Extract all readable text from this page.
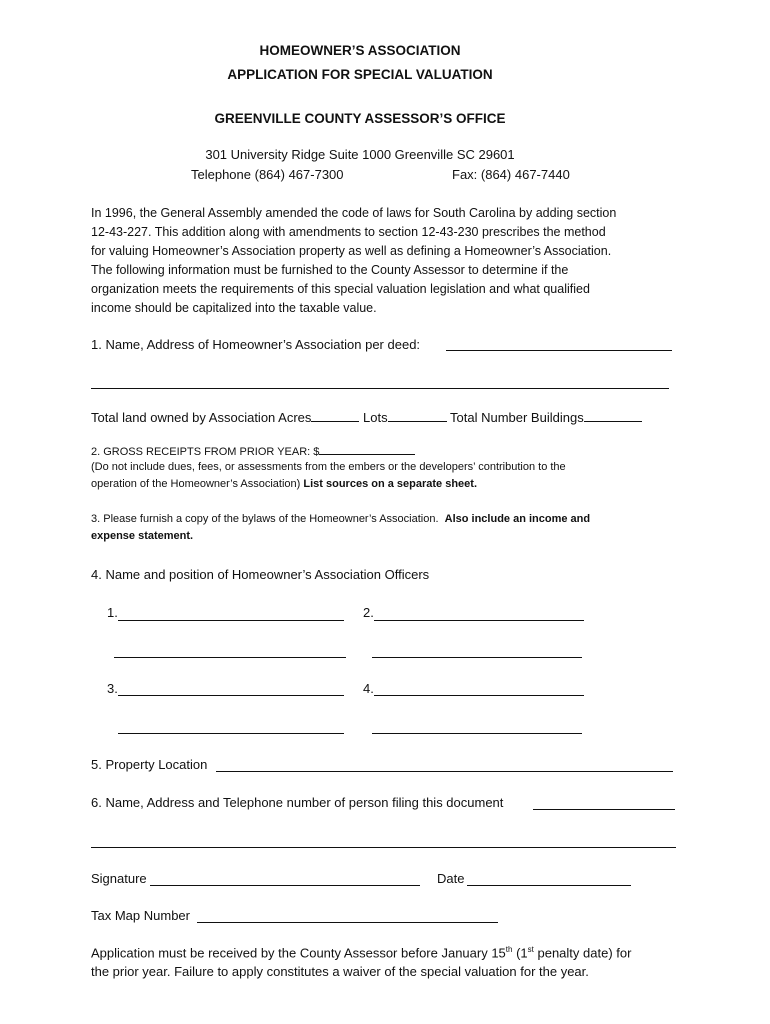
HOMEOWNER’S ASSOCIATION
APPLICATION FOR SPECIAL VALUATION
GREENVILLE COUNTY ASSESSOR’S OFFICE
301 University Ridge Suite 1000 Greenville SC 29601
Telephone (864) 467-7300	Fax: (864) 467-7440

In 1996, the General Assembly amended the code of laws for South Carolina by adding section

12-43-227. This addition along with amendments to section 12-43-230 prescribes the method

for valuing Homeowner’s Association property as well as defining a Homeowner’s Association.

The following information must be furnished to the County Assessor to determine if the

organization meets the requirements of this special valuation legislation and what qualified

income should be capitalized into the taxable value.

1. Name, Address of Homeowner’s Association per deed:
Total land owned by Association Acres	Lots	Total Number Buildings
2. GROSS RECEIPTS FROM PRIOR YEAR: $
(Do not include dues, fees, or assessments from the embers or the developers’ contribution to the
operation of the Homeowner’s Association) List sources on a separate sheet.
3. Please furnish a copy of the bylaws of the Homeowner’s Association. Also include an income and
expense statement.
4. Name and position of Homeowner’s Association Officers
1.	2.
3.	4.
5. Property Location
6. Name, Address and Telephone number of person filing this document
Signature	Date
Tax Map Number
Application must be received by the County Assessor before January 15th (1st penalty date) for
the prior year. Failure to apply constitutes a waiver of the special valuation for the year.
